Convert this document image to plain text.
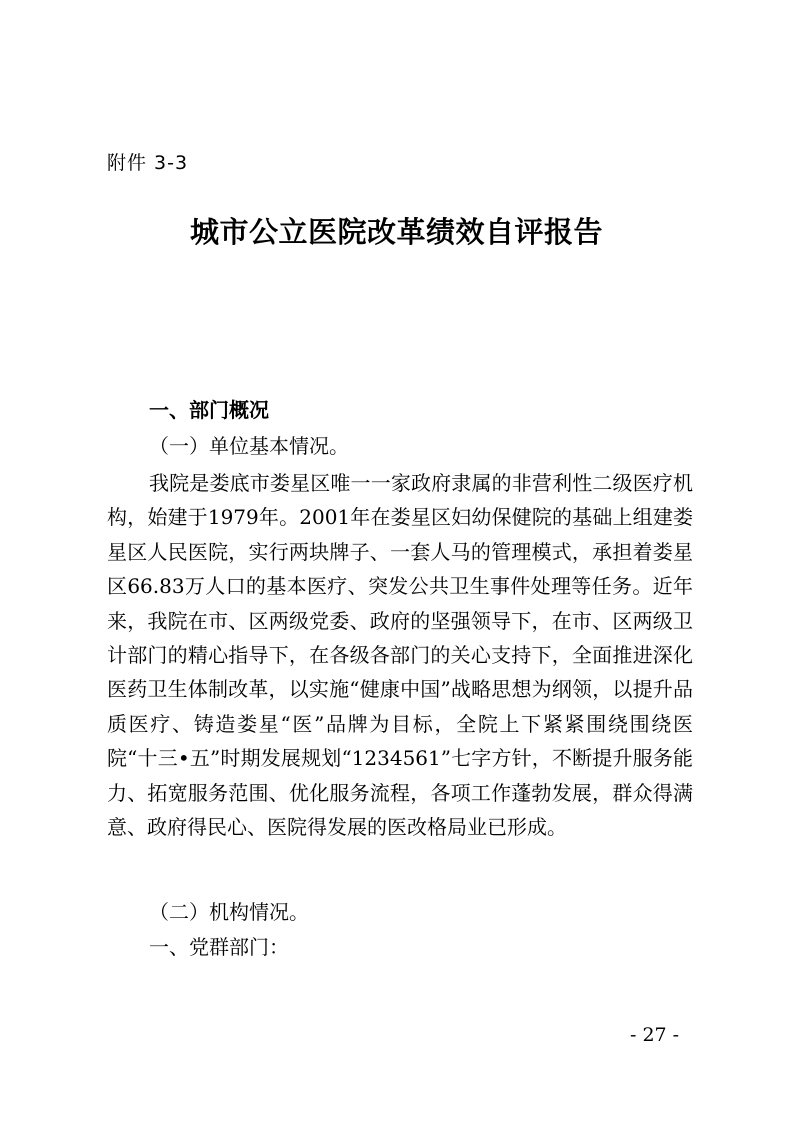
附件 3-3
城市公立医院改革绩效自评报告
一、部门概况
（一）单位基本情况。

我院是娄底市娄星区唯一一家政府隶属的非营利性二级医疗机构，始建于1979年。2001年在娄星区妇幼保健院的基础上组建娄星区人民医院，实行两块牌子、一套人马的管理模式，承担着娄星区66.83万人口的基本医疗、突发公共卫生事件处理等任务。近年来，我院在市、区两级党委、政府的坚强领导下，在市、区两级卫计部门的精心指导下，在各级各部门的关心支持下，全面推进深化医药卫生体制改革，以实施“健康中国”战略思想为纲领，以提升品质医疗、铸造娄星“医”品牌为目标，全院上下紧紧围绕围绕医院“十三•五”时期发展规划“1234561”七字方针，不断提升服务能力、拓宽服务范围、优化服务流程，各项工作蓬勃发展，群众得满意、政府得民心、医院得发展的医改格局业已形成。

（二）机构情况。
一、党群部门：
- 27 -
